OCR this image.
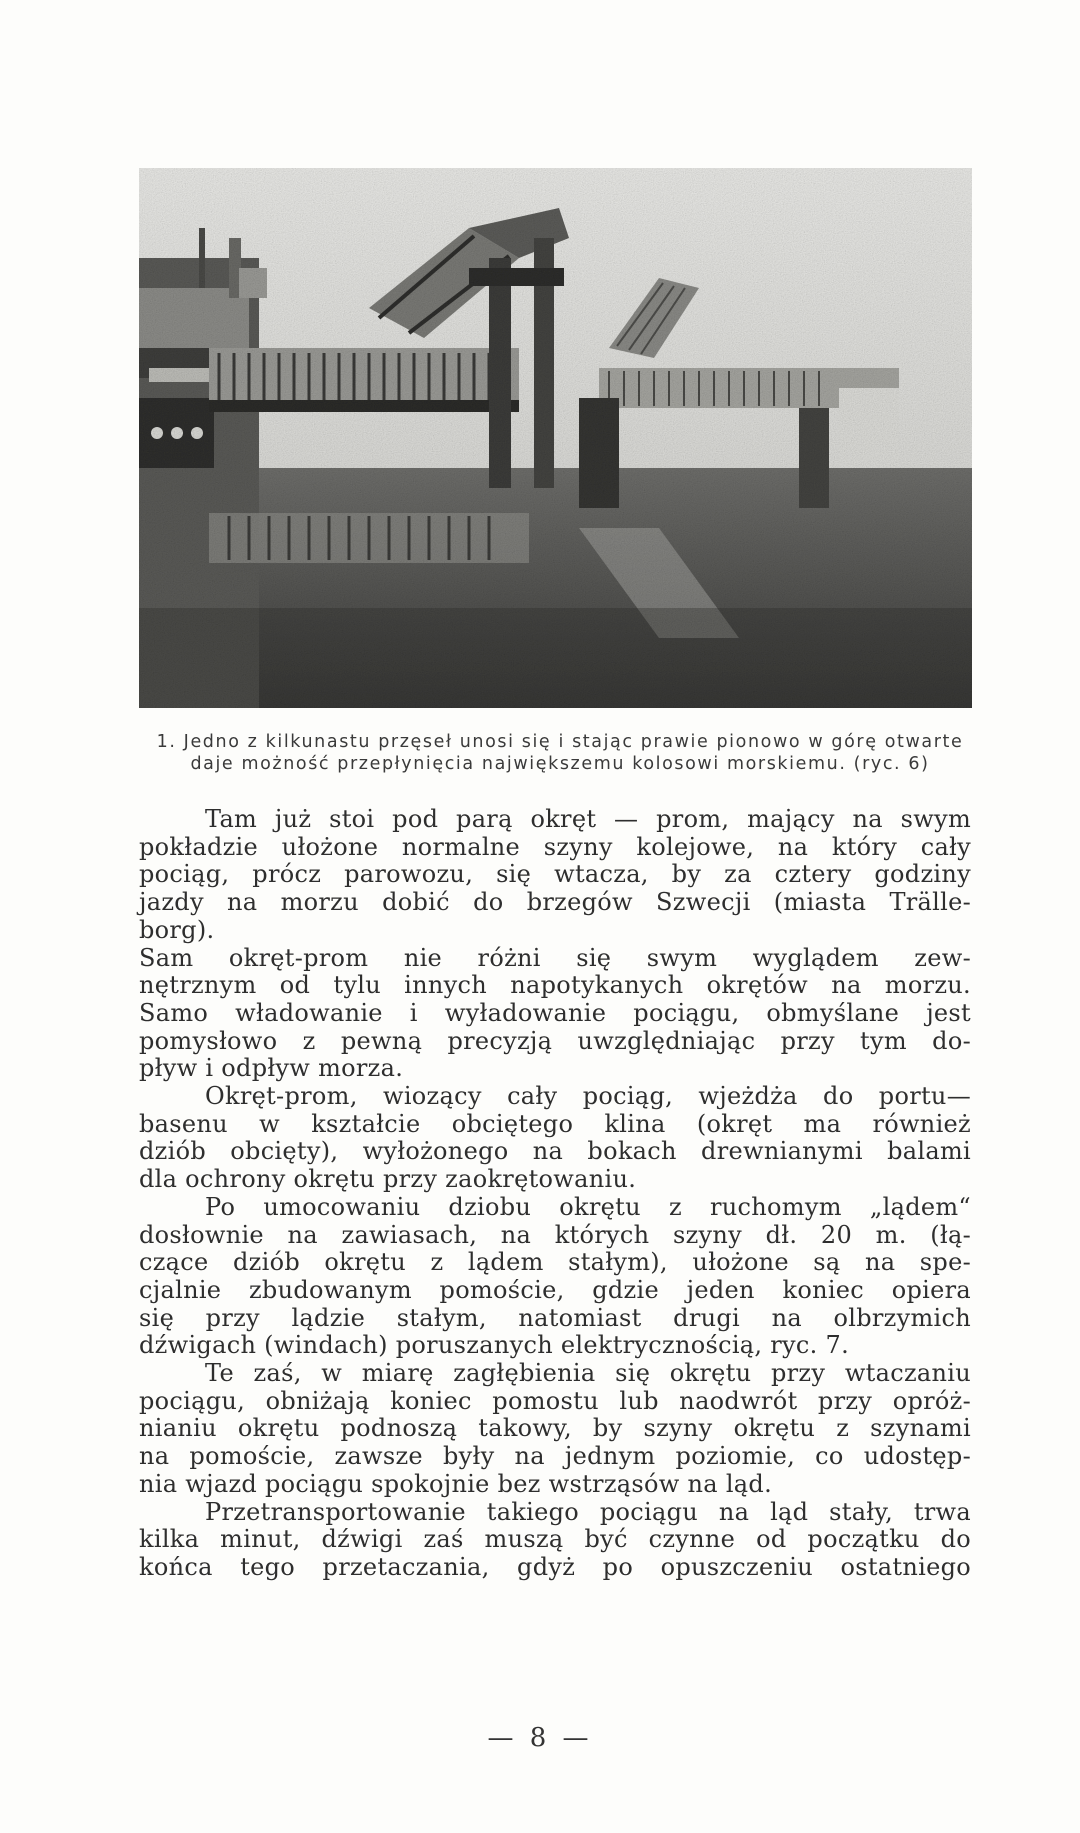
1. Jedno z kilkunastu przęseł unosi się i stając prawie pionowo w górę otwarte
daje możność przepłynięcia największemu kolosowi morskiemu. (ryc. 6)
Tam już stoi pod parą okręt — prom, mający na swym
pokładzie ułożone normalne szyny kolejowe, na który cały
pociąg, prócz parowozu, się wtacza, by za cztery godziny
jazdy na morzu dobić do brzegów Szwecji (miasta Trälle-
borg).
Sam okręt-prom nie różni się swym wyglądem zew-
nętrznym od tylu innych napotykanych okrętów na morzu.
Samo władowanie i wyładowanie pociągu, obmyślane jest
pomysłowo z pewną precyzją uwzględniając przy tym do-
pływ i odpływ morza.
Okręt-prom, wiozący cały pociąg, wjeżdża do portu—
basenu w kształcie obciętego klina (okręt ma również
dziób obcięty), wyłożonego na bokach drewnianymi balami
dla ochrony okrętu przy zaokrętowaniu.
Po umocowaniu dziobu okrętu z ruchomym „lądem“
dosłownie na zawiasach, na których szyny dł. 20 m. (łą-
czące dziób okrętu z lądem stałym), ułożone są na spe-
cjalnie zbudowanym pomoście, gdzie jeden koniec opiera
się przy lądzie stałym, natomiast drugi na olbrzymich
dźwigach (windach) poruszanych elektrycznością, ryc. 7.
Te zaś, w miarę zagłębienia się okrętu przy wtaczaniu
pociągu, obniżają koniec pomostu lub naodwrót przy opróż-
nianiu okrętu podnoszą takowy, by szyny okrętu z szynami
na pomoście, zawsze były na jednym poziomie, co udostęp-
nia wjazd pociągu spokojnie bez wstrząsów na ląd.
Przetransportowanie takiego pociągu na ląd stały, trwa
kilka minut, dźwigi zaś muszą być czynne od początku do
końca tego przetaczania, gdyż po opuszczeniu ostatniego
— 8 —
